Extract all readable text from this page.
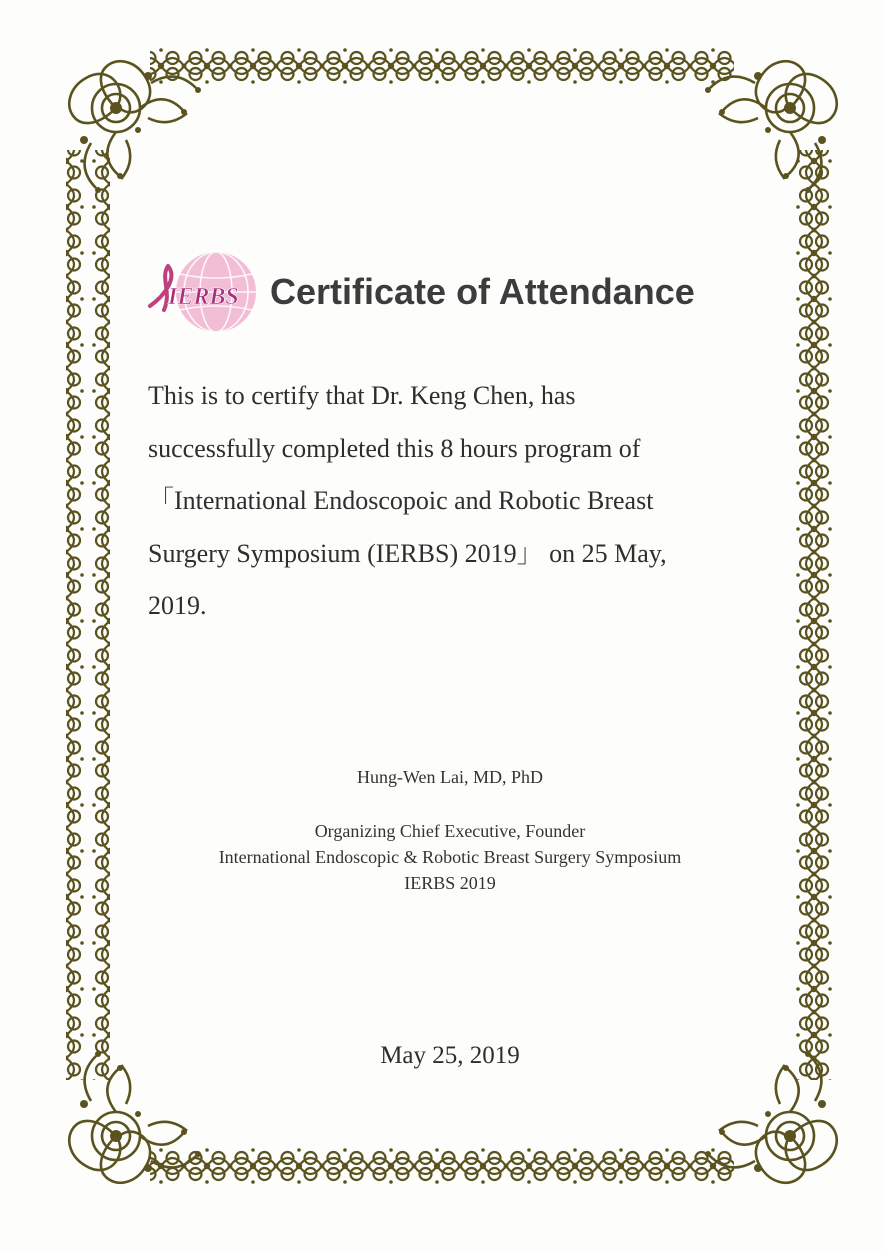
IERBS Certificate of Attendance

This is to certify that Dr. Keng Chen, has

successfully completed this 8 hours program of

「International Endoscopoic and Robotic Breast

Surgery Symposium (IERBS) 2019」 on 25 May,

2019.

Hung-Wen Lai, MD, PhD
Organizing Chief Executive, Founder
International Endoscopic & Robotic Breast Surgery Symposium
IERBS 2019
May 25, 2019
